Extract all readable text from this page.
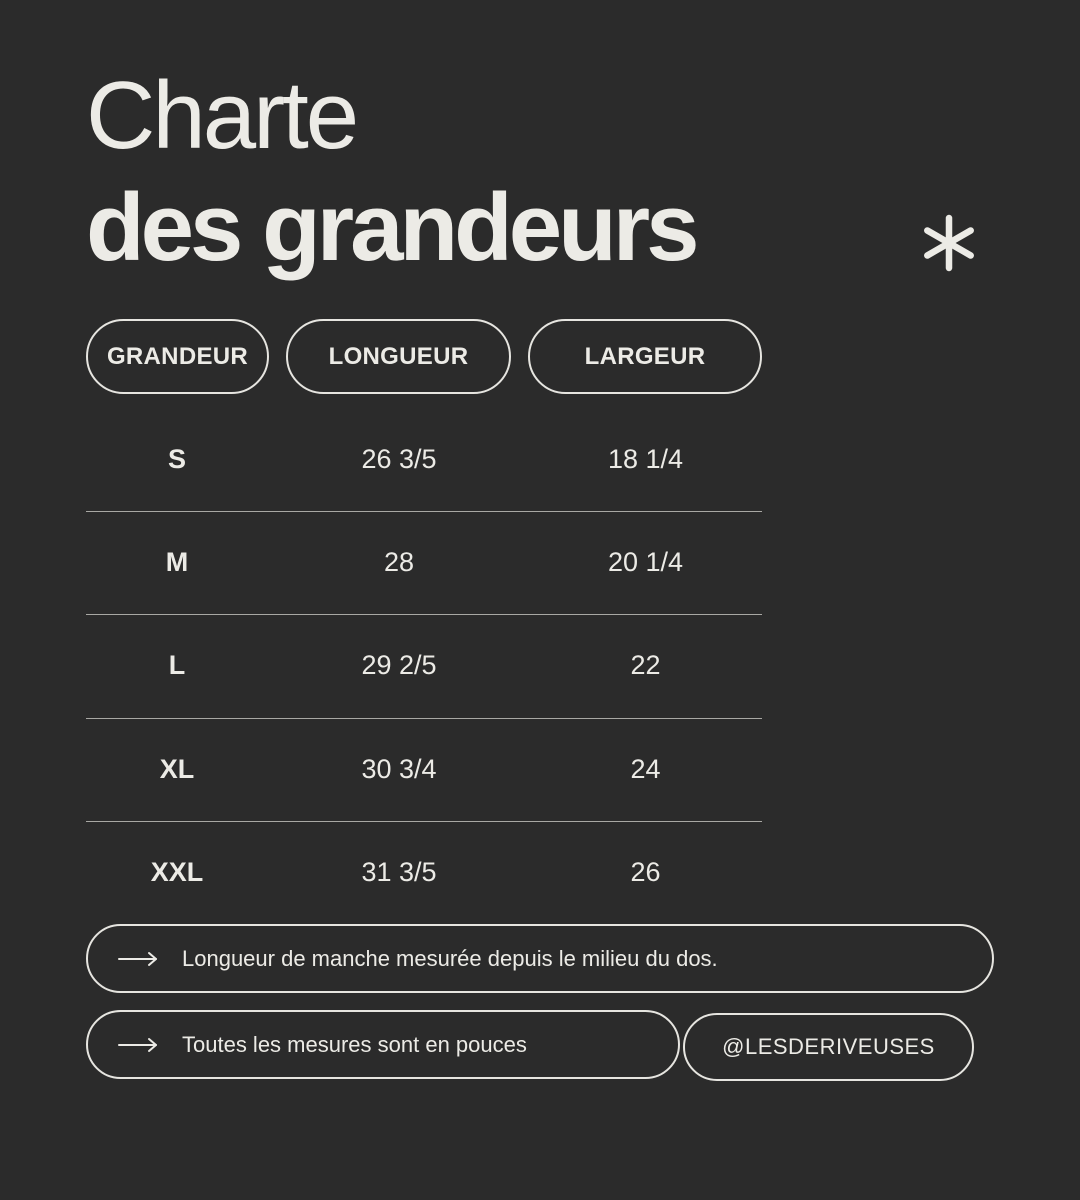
Charte
des grandeurs
GRANDEUR	LONGUEUR	LARGEUR
S	26 3/5	18 1/4
M	28	20 1/4
L	29 2/5	22
XL	30 3/4	24
XXL	31 3/5	26
Longueur de manche mesurée depuis le milieu du dos.
Toutes les mesures sont en pouces	@LESDERIVEUSES
